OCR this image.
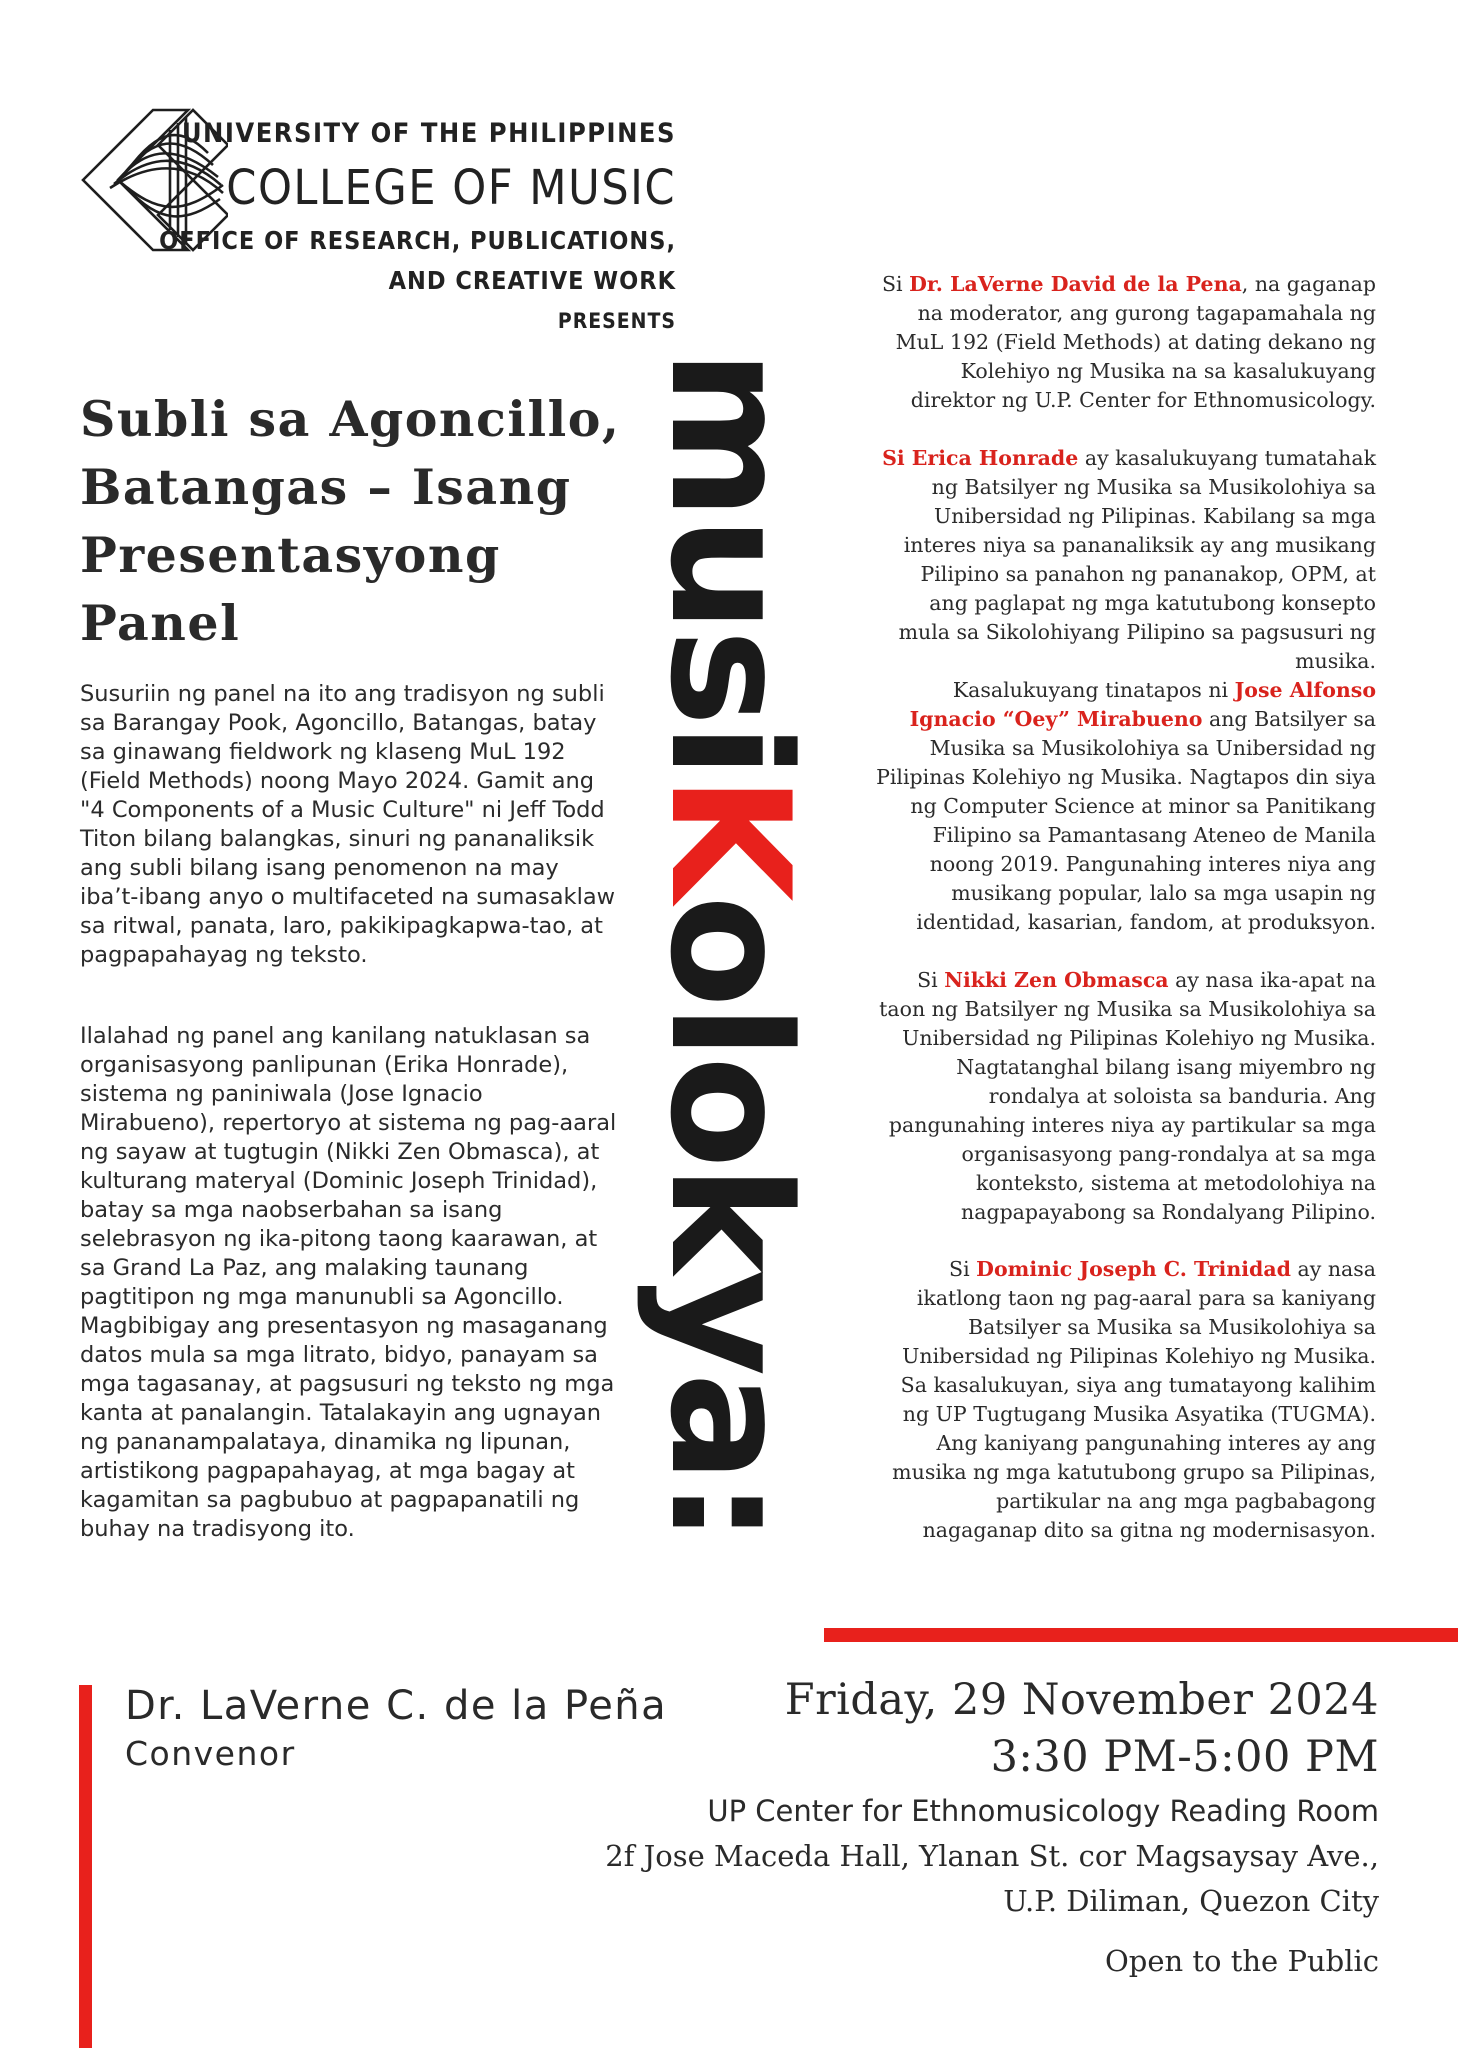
UNIVERSITY OF THE PHILIPPINES
COLLEGE OF MUSIC
OFFICE OF RESEARCH, PUBLICATIONS,
AND CREATIVE WORK
PRESENTS
Subli sa Agoncillo, Batangas – Isang Presentasyong Panel

Susuriin ng panel na ito ang tradisyon ng subli sa Barangay Pook, Agoncillo, Batangas, batay sa ginawang fieldwork ng klaseng MuL 192 (Field Methods) noong Mayo 2024. Gamit ang "4 Components of a Music Culture" ni Jeff Todd Titon bilang balangkas, sinuri ng pananaliksik ang subli bilang isang penomenon na may iba’t-ibang anyo o multifaceted na sumasaklaw sa ritwal, panata, laro, pakikipagkapwa-tao, at pagpapahayag ng teksto.

Ilalahad ng panel ang kanilang natuklasan sa organisasyong panlipunan (Erika Honrade), sistema ng paniniwala (Jose Ignacio Mirabueno), repertoryo at sistema ng pag-aaral ng sayaw at tugtugin (Nikki Zen Obmasca), at kulturang materyal (Dominic Joseph Trinidad), batay sa mga naobserbahan sa isang selebrasyon ng ika-pitong taong kaarawan, at sa Grand La Paz, ang malaking taunang pagtitipon ng mga manunubli sa Agoncillo. Magbibigay ang presentasyon ng masaganang datos mula sa mga litrato, bidyo, panayam sa mga tagasanay, at pagsusuri ng teksto ng mga kanta at panalangin. Tatalakayin ang ugnayan ng pananampalataya, dinamika ng lipunan, artistikong pagpapahayag, at mga bagay at kagamitan sa pagbubuo at pagpapanatili ng buhay na tradisyong ito.

musiKolokya:

Si Dr. LaVerne David de la Pena, na gaganap na moderator, ang gurong tagapamahala ng MuL 192 (Field Methods) at dating dekano ng Kolehiyo ng Musika na sa kasalukuyang direktor ng U.P. Center for Ethnomusicology.

Si Erica Honrade ay kasalukuyang tumatahak ng Batsilyer ng Musika sa Musikolohiya sa Unibersidad ng Pilipinas. Kabilang sa mga interes niya sa pananaliksik ay ang musikang Pilipino sa panahon ng pananakop, OPM, at ang paglapat ng mga katutubong konsepto mula sa Sikolohiyang Pilipino sa pagsusuri ng musika.

Kasalukuyang tinatapos ni Jose Alfonso Ignacio “Oey” Mirabueno ang Batsilyer sa Musika sa Musikolohiya sa Unibersidad ng Pilipinas Kolehiyo ng Musika. Nagtapos din siya ng Computer Science at minor sa Panitikang Filipino sa Pamantasang Ateneo de Manila noong 2019. Pangunahing interes niya ang musikang popular, lalo sa mga usapin ng identidad, kasarian, fandom, at produksyon.

Si Nikki Zen Obmasca ay nasa ika-apat na taon ng Batsilyer ng Musika sa Musikolohiya sa Unibersidad ng Pilipinas Kolehiyo ng Musika. Nagtatanghal bilang isang miyembro ng rondalya at soloista sa banduria. Ang pangunahing interes niya ay partikular sa mga organisasyong pang-rondalya at sa mga konteksto, sistema at metodolohiya na nagpapayabong sa Rondalyang Pilipino.

Si Dominic Joseph C. Trinidad ay nasa ikatlong taon ng pag-aaral para sa kaniyang Batsilyer sa Musika sa Musikolohiya sa Unibersidad ng Pilipinas Kolehiyo ng Musika. Sa kasalukuyan, siya ang tumatayong kalihim ng UP Tugtugang Musika Asyatika (TUGMA). Ang kaniyang pangunahing interes ay ang musika ng mga katutubong grupo sa Pilipinas, partikular na ang mga pagbabagong nagaganap dito sa gitna ng modernisasyon.

Dr. LaVerne C. de la Peña
Convenor
Friday, 29 November 2024
3:30 PM-5:00 PM
UP Center for Ethnomusicology Reading Room
2f Jose Maceda Hall, Ylanan St. cor Magsaysay Ave.,
U.P. Diliman, Quezon City
Open to the Public
